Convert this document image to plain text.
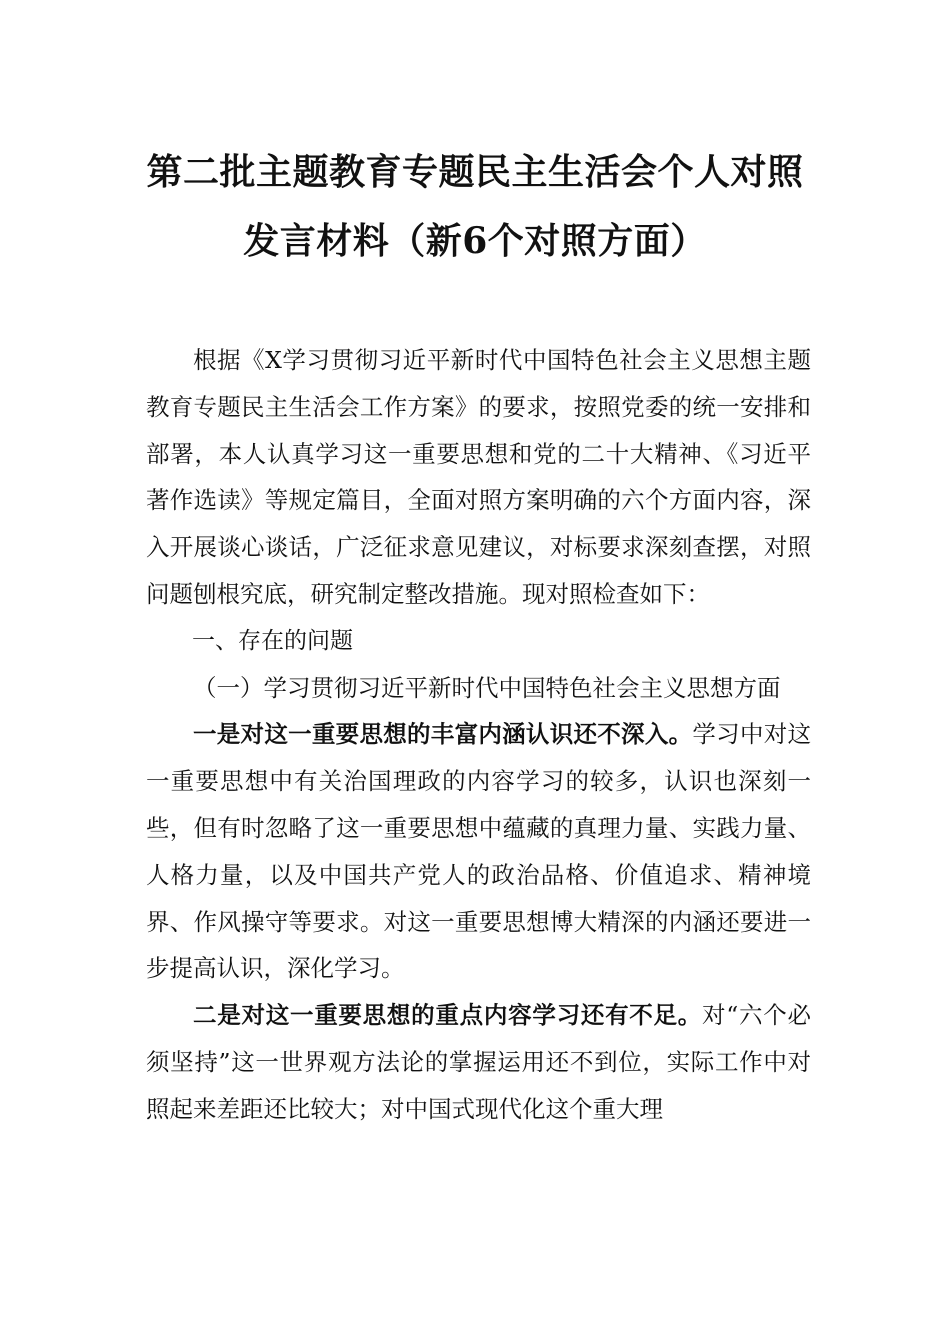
第二批主题教育专题民主生活会个人对照
发言材料（新6个对照方面）

根据《X学习贯彻习近平新时代中国特色社会主义思想主题教育专题民主生活会工作方案》的要求，按照党委的统一安排和部署，本人认真学习这一重要思想和党的二十大精神、《习近平著作选读》等规定篇目，全面对照方案明确的六个方面内容，深入开展谈心谈话，广泛征求意见建议，对标要求深刻查摆，对照问题刨根究底，研究制定整改措施。现对照检查如下：

一、存在的问题

（一）学习贯彻习近平新时代中国特色社会主义思想方面

一是对这一重要思想的丰富内涵认识还不深入。学习中对这一重要思想中有关治国理政的内容学习的较多，认识也深刻一些，但有时忽略了这一重要思想中蕴藏的真理力量、实践力量、人格力量，以及中国共产党人的政治品格、价值追求、精神境界、作风操守等要求。对这一重要思想博大精深的内涵还要进一步提高认识，深化学习。

二是对这一重要思想的重点内容学习还有不足。对“六个必须坚持”这一世界观方法论的掌握运用还不到位，实际工作中对照起来差距还比较大；对中国式现代化这个重大理
